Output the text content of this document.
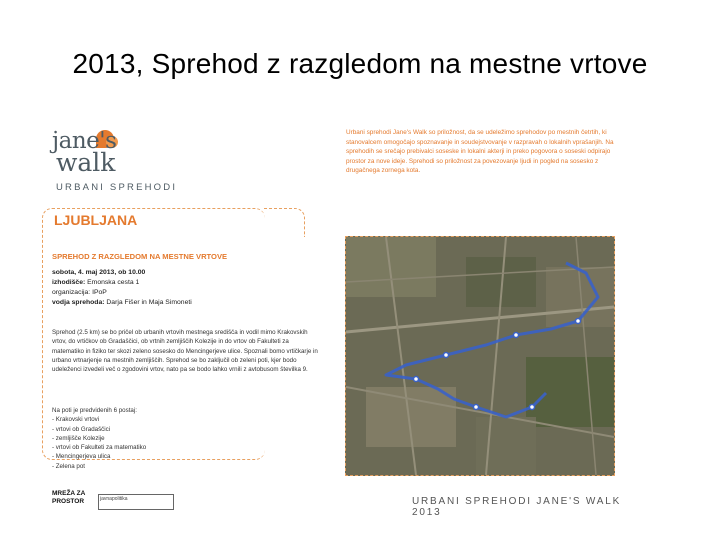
2013, Sprehod z razgledom na mestne vrtove
jane's
walk
URBANI SPREHODI
Urbani sprehodi Jane's Walk so priložnost, da se udeležimo sprehodov po mestnih četrtih, ki stanovalcem omogočajo spoznavanje in soudejstvovanje v razpravah o lokalnih vprašanjih. Na sprehodih se srečajo prebivalci soseske in lokalni akterji in preko pogovora o soseski odpirajo prostor za nove ideje. Sprehodi so priložnost za povezovanje ljudi in pogled na sosesko z drugačnega zornega kota.
LJUBLJANA
SPREHOD Z RAZGLEDOM NA MESTNE VRTOVE
sobota, 4. maj 2013, ob 10.00
izhodišče: Emonska cesta 1
organizacija: IPoP
vodja sprehoda: Darja Fišer in Maja Simoneti
Sprehod (2.5 km) se bo pričel ob urbanih vrtovih mestnega središča in vodil mimo Krakovskih vrtov, do vrtičkov ob Gradaščici, ob vrtnih zemljiščih Kolezije in do vrtov ob Fakulteti za matematiko in fiziko ter skozi zeleno sosesko do Mencingerjeve ulice. Spoznali bomo vrtičkarje in urbano vrtnarjenje na mestnih zemljiščih. Sprehod se bo zaključil ob zeleni poti, kjer bodo udeleženci izvedeli več o zgodovini vrtov, nato pa se bodo lahko vrnili z avtobusom številka 9.
Na poti je predvidenih 6 postaj:
- Krakovski vrtovi
- vrtovi ob Gradaščici
- zemljišče Kolezije
- vrtovi ob Fakulteti za matematiko
- Mencingerjeva ulica
- Zelena pot
MREŽA ZA PROSTOR	javnapolitika	URBANI SPREHODI JANE'S WALK 2013
